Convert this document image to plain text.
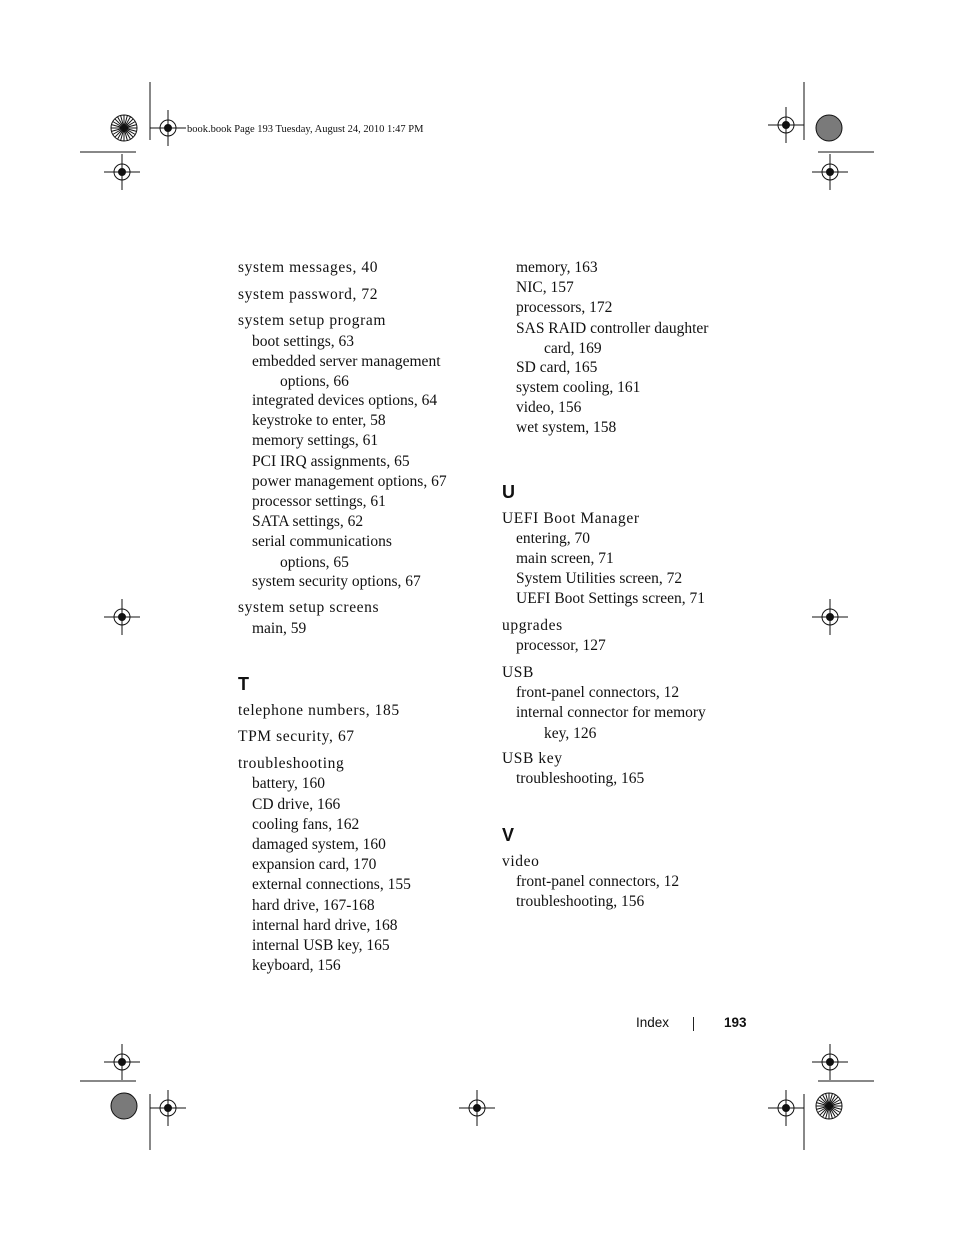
book.book Page 193 Tuesday, August 24, 2010 1:47 PM
system messages, 40
system password, 72
system setup program
boot settings, 63
embedded server management
options, 66
integrated devices options, 64
keystroke to enter, 58
memory settings, 61
PCI IRQ assignments, 65
power management options, 67
processor settings, 61
SATA settings, 62
serial communications
options, 65
system security options, 67
system setup screens
main, 59
T
telephone numbers, 185
TPM security, 67
troubleshooting
battery, 160
CD drive, 166
cooling fans, 162
damaged system, 160
expansion card, 170
external connections, 155
hard drive, 167-168
internal hard drive, 168
internal USB key, 165
keyboard, 156
memory, 163
NIC, 157
processors, 172
SAS RAID controller daughter
card, 169
SD card, 165
system cooling, 161
video, 156
wet system, 158
U
UEFI Boot Manager
entering, 70
main screen, 71
System Utilities screen, 72
UEFI Boot Settings screen, 71
upgrades
processor, 127
USB
front-panel connectors, 12
internal connector for memory
key, 126
USB key
troubleshooting, 165
V
video
front-panel connectors, 12
troubleshooting, 156
Index	193
